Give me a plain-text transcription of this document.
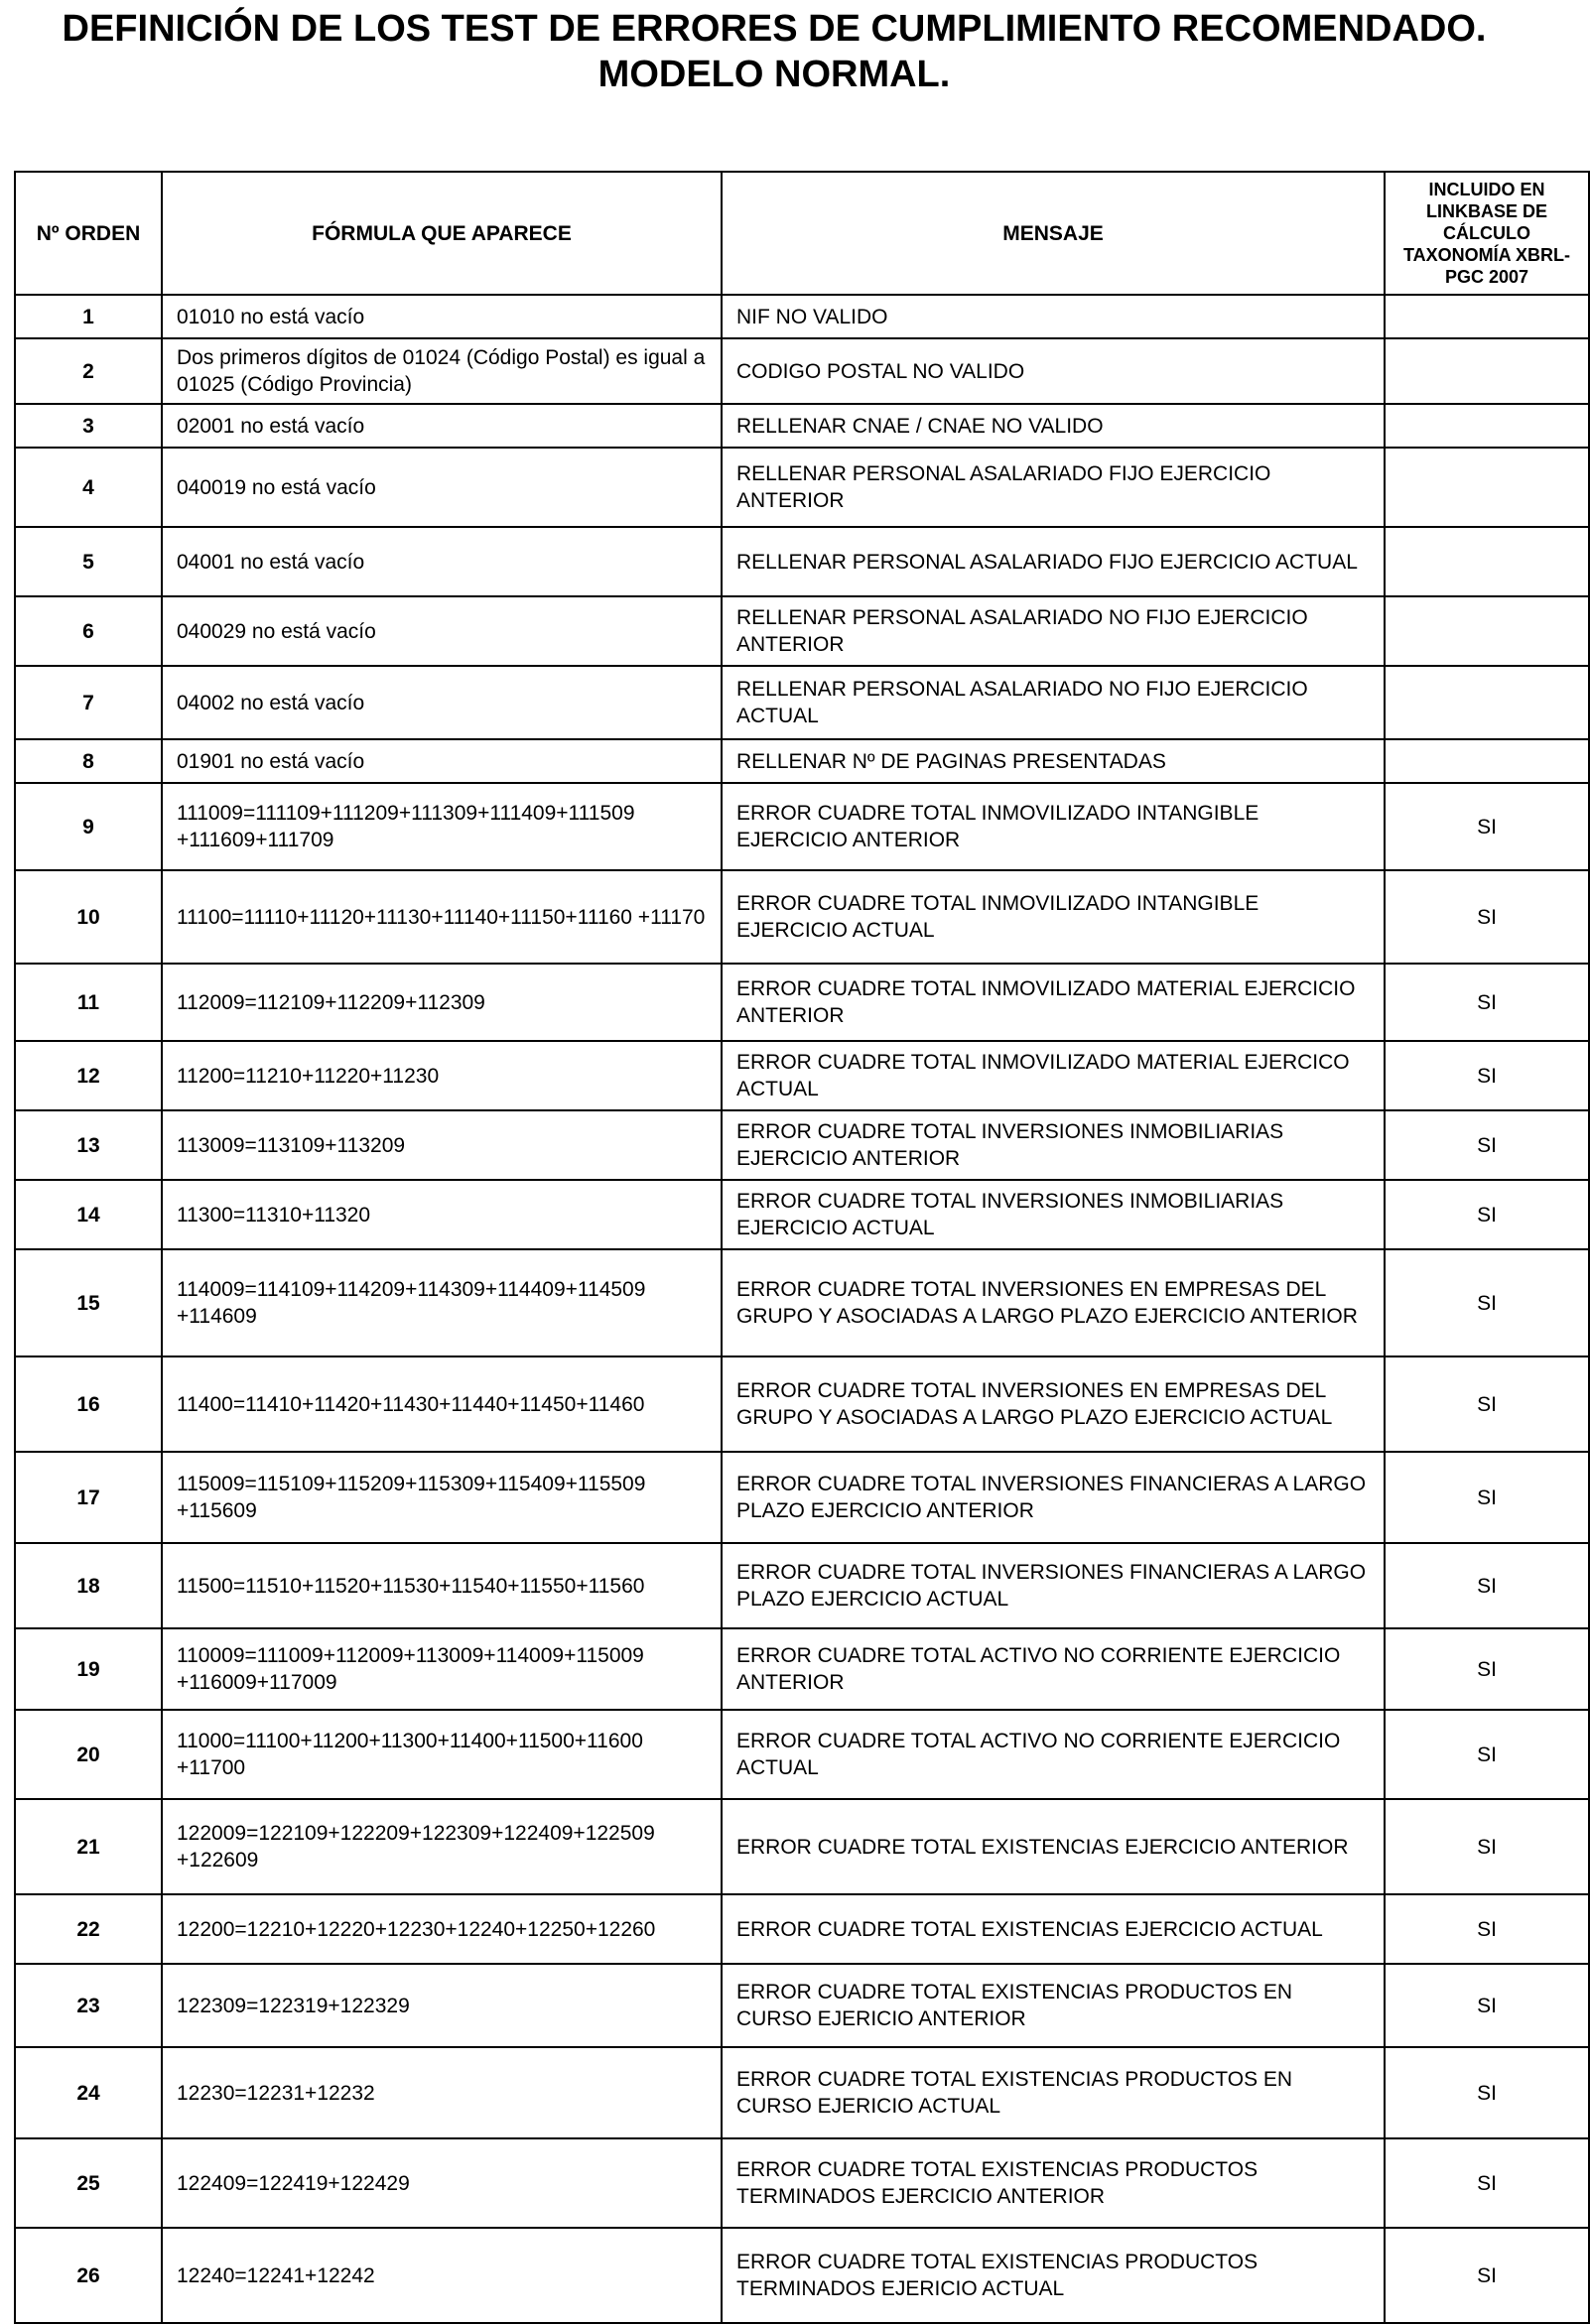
DEFINICIÓN DE LOS TEST DE ERRORES DE CUMPLIMIENTO RECOMENDADO.
MODELO NORMAL.
Nº ORDEN	FÓRMULA QUE APARECE	MENSAJE	INCLUIDO EN LINKBASE DE CÁLCULO TAXONOMÍA XBRL-PGC 2007
1	01010 no está vacío	NIF NO VALIDO	
2	Dos primeros dígitos de 01024 (Código Postal) es igual a 01025 (Código Provincia)	CODIGO POSTAL NO VALIDO	
3	02001 no está vacío	RELLENAR CNAE / CNAE NO VALIDO	
4	040019 no está vacío	RELLENAR PERSONAL ASALARIADO FIJO EJERCICIO ANTERIOR	
5	04001 no está vacío	RELLENAR PERSONAL ASALARIADO FIJO EJERCICIO ACTUAL	
6	040029 no está vacío	RELLENAR PERSONAL ASALARIADO NO FIJO EJERCICIO ANTERIOR	
7	04002 no está vacío	RELLENAR PERSONAL ASALARIADO NO FIJO EJERCICIO ACTUAL	
8	01901 no está vacío	RELLENAR Nº DE PAGINAS PRESENTADAS	
9	111009=111109+111209+111309+111409+111509 +111609+111709	ERROR CUADRE TOTAL INMOVILIZADO INTANGIBLE EJERCICIO ANTERIOR	SI
10	11100=11110+11120+11130+11140+11150+11160 +11170	ERROR CUADRE TOTAL INMOVILIZADO INTANGIBLE EJERCICIO ACTUAL	SI
11	112009=112109+112209+112309	ERROR CUADRE TOTAL INMOVILIZADO MATERIAL EJERCICIO ANTERIOR	SI
12	11200=11210+11220+11230	ERROR CUADRE TOTAL INMOVILIZADO MATERIAL EJERCICO ACTUAL	SI
13	113009=113109+113209	ERROR CUADRE TOTAL INVERSIONES INMOBILIARIAS EJERCICIO ANTERIOR	SI
14	11300=11310+11320	ERROR CUADRE TOTAL INVERSIONES INMOBILIARIAS EJERCICIO ACTUAL	SI
15	114009=114109+114209+114309+114409+114509 +114609	ERROR CUADRE TOTAL INVERSIONES EN EMPRESAS DEL GRUPO Y ASOCIADAS A LARGO PLAZO EJERCICIO ANTERIOR	SI
16	11400=11410+11420+11430+11440+11450+11460	ERROR CUADRE TOTAL INVERSIONES EN EMPRESAS DEL GRUPO Y ASOCIADAS A LARGO PLAZO EJERCICIO ACTUAL	SI
17	115009=115109+115209+115309+115409+115509 +115609	ERROR CUADRE TOTAL INVERSIONES FINANCIERAS A LARGO PLAZO EJERCICIO ANTERIOR	SI
18	11500=11510+11520+11530+11540+11550+11560	ERROR CUADRE TOTAL INVERSIONES FINANCIERAS A LARGO PLAZO EJERCICIO ACTUAL	SI
19	110009=111009+112009+113009+114009+115009 +116009+117009	ERROR CUADRE TOTAL ACTIVO NO CORRIENTE EJERCICIO ANTERIOR	SI
20	11000=11100+11200+11300+11400+11500+11600 +11700	ERROR CUADRE TOTAL ACTIVO NO CORRIENTE EJERCICIO ACTUAL	SI
21	122009=122109+122209+122309+122409+122509 +122609	ERROR CUADRE TOTAL EXISTENCIAS EJERCICIO ANTERIOR	SI
22	12200=12210+12220+12230+12240+12250+12260	ERROR CUADRE TOTAL EXISTENCIAS EJERCICIO ACTUAL	SI
23	122309=122319+122329	ERROR CUADRE TOTAL EXISTENCIAS PRODUCTOS EN CURSO EJERICIO ANTERIOR	SI
24	12230=12231+12232	ERROR CUADRE TOTAL EXISTENCIAS PRODUCTOS EN CURSO EJERICIO ACTUAL	SI
25	122409=122419+122429	ERROR CUADRE TOTAL EXISTENCIAS PRODUCTOS TERMINADOS EJERCICIO ANTERIOR	SI
26	12240=12241+12242	ERROR CUADRE TOTAL EXISTENCIAS PRODUCTOS TERMINADOS EJERICIO ACTUAL	SI
